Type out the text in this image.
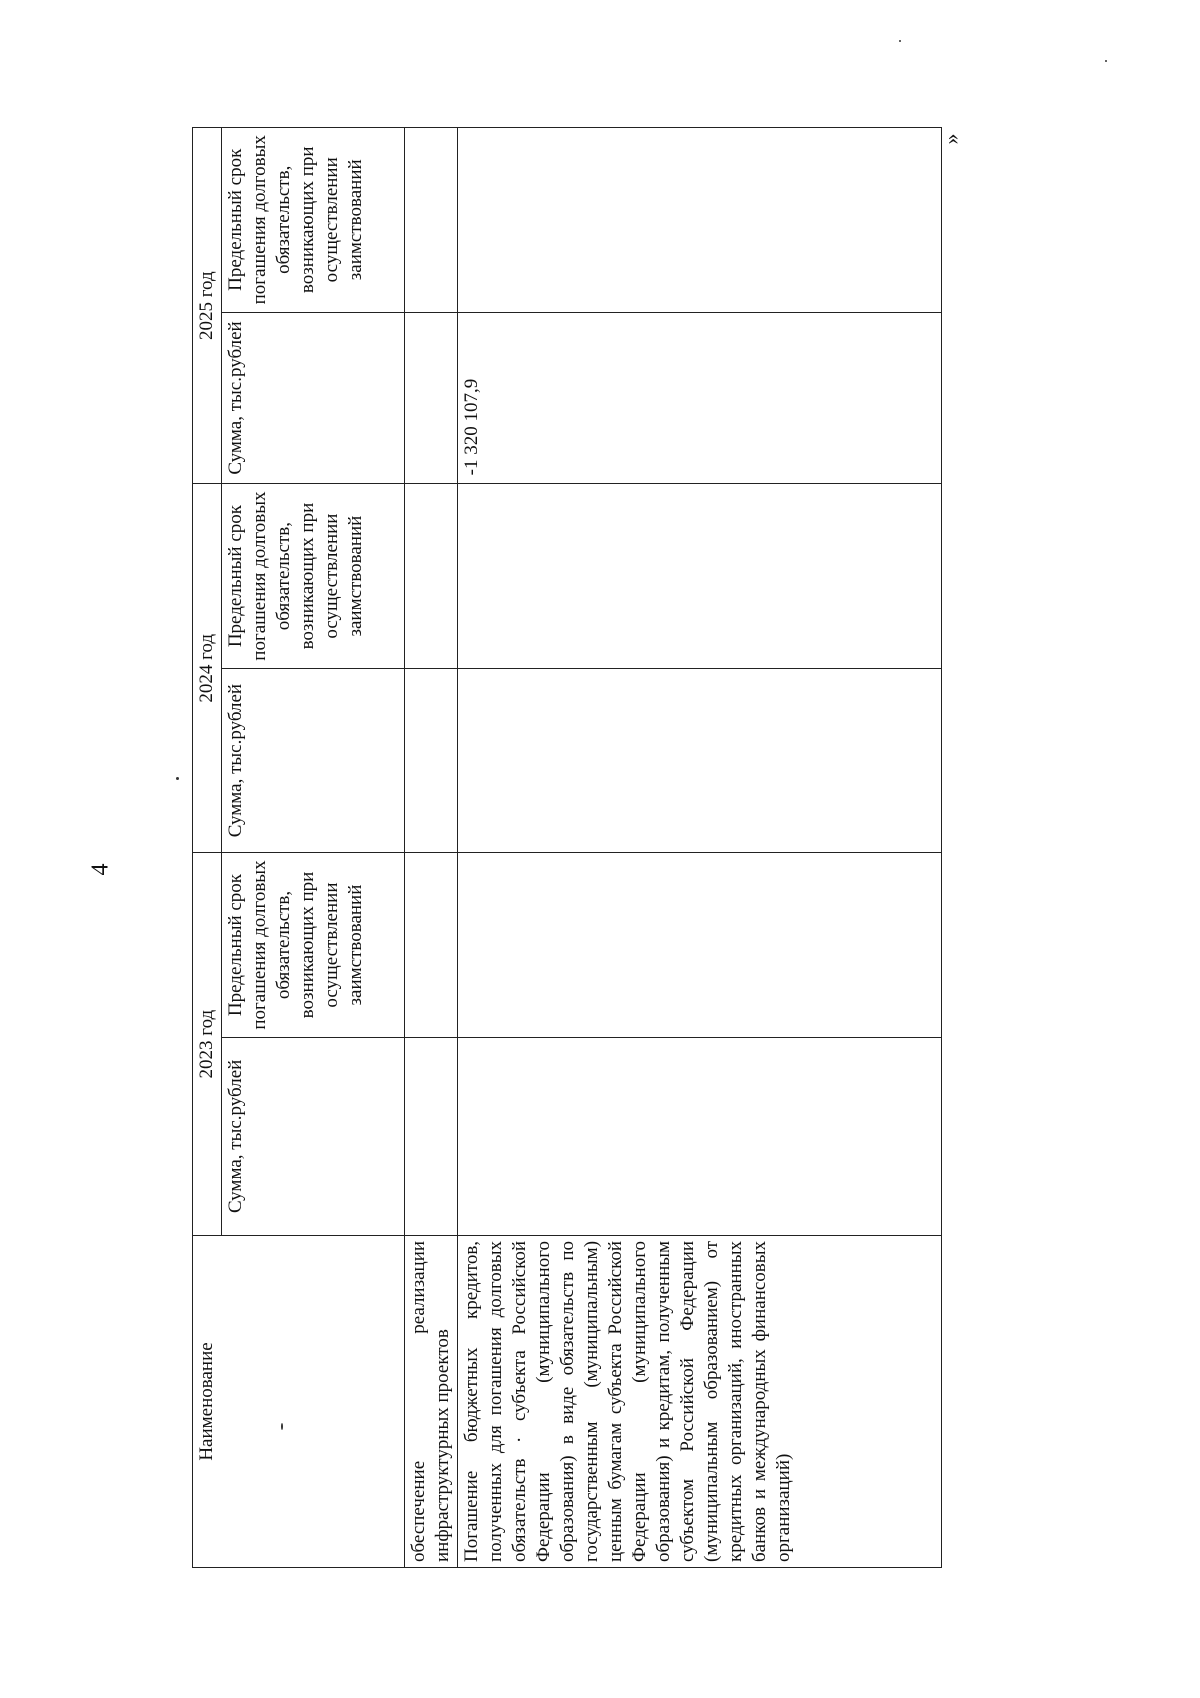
4
»
Наименование	2023 год		2024 год		2025 год	
	Сумма, тыс.рублей	Предельный срок погашения долговых обязательств, возникающих при осуществлении заимствований	Сумма, тыс.рублей	Предельный срок погашения долговых обязательств, возникающих при осуществлении заимствований	Сумма, тыс.рублей	Предельный срок погашения долговых обязательств, возникающих при осуществлении заимствований
обеспечение реализации инфраструктурных проектов						
Погашение бюджетных кредитов, полученных для погашения долговых обязательств · субъекта Российской Федерации (муниципального образования) в виде обязательств по государственным (муниципальным) ценным бумагам субъекта Российской Федерации (муниципального образования) и кредитам, полученным субъектом Российской Федерации (муниципальным образованием) от кредитных организаций, иностранных банков и международных финансовых организаций)					-1 320 107,9	
